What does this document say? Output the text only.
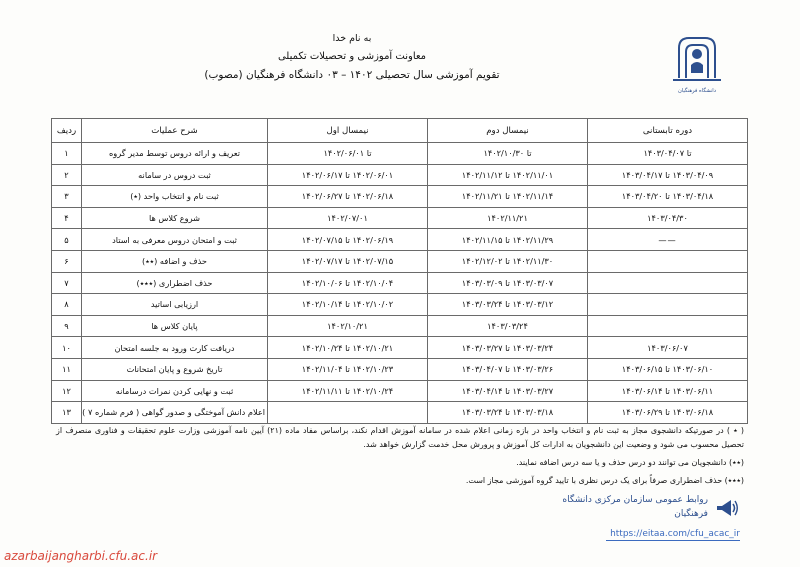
دانشگاه فرهنگیان
به نام خدا
معاونت آموزشی و تحصیلات تکمیلی
تقویم آموزشی سال تحصیلی ۱۴۰۲ – ۰۳ دانشگاه فرهنگیان (مصوب)
دوره تابستانی	نیمسال دوم	نیمسال اول	شرح عملیات	ردیف
تا ۱۴۰۳/۰۴/۰۷	تا ۱۴۰۲/۱۰/۳۰	تا ۱۴۰۲/۰۶/۰۱	تعریف و ارائه دروس توسط مدیر گروه	۱
۱۴۰۳/۰۴/۰۹ تا ۱۴۰۳/۰۴/۱۷	۱۴۰۲/۱۱/۰۱ تا ۱۴۰۲/۱۱/۱۲	۱۴۰۲/۰۶/۰۱ تا ۱۴۰۲/۰۶/۱۷	ثبت دروس در سامانه	۲
۱۴۰۳/۰۴/۱۸ تا ۱۴۰۳/۰۴/۲۰	۱۴۰۲/۱۱/۱۴ تا ۱۴۰۲/۱۱/۲۱	۱۴۰۲/۰۶/۱۸ تا ۱۴۰۲/۰۶/۲۷	ثبت نام و انتخاب واحد (٭)	۳
۱۴۰۳/۰۴/۳۰	۱۴۰۲/۱۱/۲۱	۱۴۰۲/۰۷/۰۱	شروع کلاس ها	۴
——	۱۴۰۲/۱۱/۲۹ تا ۱۴۰۲/۱۱/۱۵	۱۴۰۲/۰۶/۱۹ تا ۱۴۰۲/۰۷/۱۵	ثبت و امتحان دروس معرفی به استاد	۵
	۱۴۰۲/۱۱/۳۰ تا ۱۴۰۲/۱۲/۰۲	۱۴۰۲/۰۷/۱۵ تا ۱۴۰۲/۰۷/۱۷	حذف و اضافه (٭٭)	۶
	۱۴۰۳/۰۳/۰۷ تا ۱۴۰۳/۰۳/۰۹	۱۴۰۲/۱۰/۰۴ تا ۱۴۰۲/۱۰/۰۶	حذف اضطراری (٭٭٭)	۷
	۱۴۰۳/۰۳/۱۲ تا ۱۴۰۳/۰۳/۲۴	۱۴۰۲/۱۰/۰۲ تا ۱۴۰۲/۱۰/۱۴	ارزیابی اساتید	۸
	۱۴۰۳/۰۳/۲۴	۱۴۰۲/۱۰/۲۱	پایان کلاس ها	۹
۱۴۰۳/۰۶/۰۷	۱۴۰۳/۰۳/۲۴ تا ۱۴۰۳/۰۳/۲۷	۱۴۰۲/۱۰/۲۱ تا ۱۴۰۲/۱۰/۲۴	دریافت کارت ورود به جلسه امتحان	۱۰
۱۴۰۳/۰۶/۱۰ تا ۱۴۰۳/۰۶/۱۵	۱۴۰۳/۰۳/۲۶ تا ۱۴۰۳/۰۴/۰۷	۱۴۰۲/۱۰/۲۳ تا ۱۴۰۲/۱۱/۰۴	تاریخ شروع و پایان امتحانات	۱۱
۱۴۰۳/۰۶/۱۱ تا ۱۴۰۳/۰۶/۱۴	۱۴۰۳/۰۳/۲۷ تا ۱۴۰۳/۰۴/۱۴	۱۴۰۲/۱۰/۲۴ تا ۱۴۰۲/۱۱/۱۱	ثبت و نهایی کردن نمرات درسامانه	۱۲
۱۴۰۳/۰۶/۱۸ تا ۱۴۰۳/۰۶/۲۹	۱۴۰۳/۰۳/۱۸ تا ۱۴۰۳/۰۳/۲۴		اعلام دانش آموختگی و صدور گواهی ( فرم شماره ۷ )	۱۳

( ٭ ) در صورتیکه دانشجوی مجاز به ثبت نام و انتخاب واحد در بازه زمانی اعلام شده در سامانه آموزش اقدام نکند، براساس مفاد ماده (۲۱) آیین نامه آموزشی وزارت علوم تحقیقات و فناوری منصرف از تحصیل محسوب می شود و وضعیت این دانشجویان به ادارات کل آموزش و پرورش محل خدمت گزارش خواهد شد.

(٭٭) دانشجویان می توانند دو درس حذف و یا سه درس اضافه نمایند.

(٭٭٭) حذف اضطراری صرفاً برای یک درس نظری با تایید گروه آموزشی مجاز است.

روابط عمومی سازمان مرکزی دانشگاه
فرهنگیان
https://eitaa.com/cfu_acac_ir
azarbaijangharbi.cfu.ac.ir
